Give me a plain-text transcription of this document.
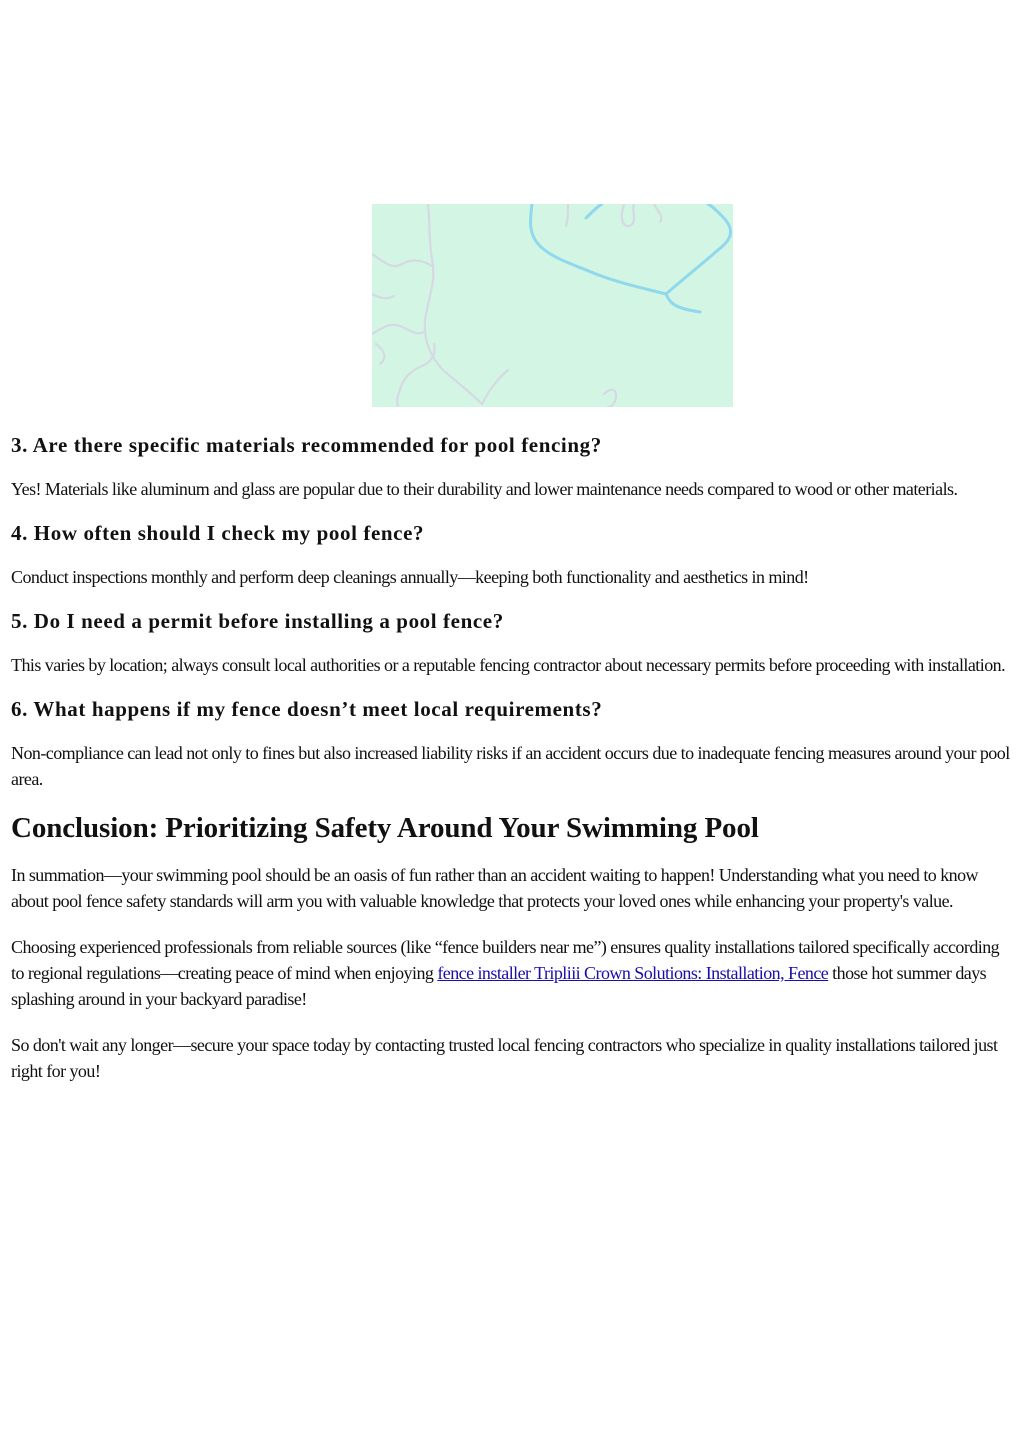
3. Are there specific materials recommended for pool fencing?

Yes! Materials like aluminum and glass are popular due to their durability and lower maintenance needs compared to wood or other materials.

4. How often should I check my pool fence?

Conduct inspections monthly and perform deep cleanings annually—keeping both functionality and aesthetics in mind!

5. Do I need a permit before installing a pool fence?

This varies by location; always consult local authorities or a reputable fencing contractor about necessary permits before proceeding with installation.

6. What happens if my fence doesn’t meet local requirements?

Non-compliance can lead not only to fines but also increased liability risks if an accident occurs due to inadequate fencing measures around your pool area.

Conclusion: Prioritizing Safety Around Your Swimming Pool

In summation—your swimming pool should be an oasis of fun rather than an accident waiting to happen! Understanding what you need to know about pool fence safety standards will arm you with valuable knowledge that protects your loved ones while enhancing your property's value.

Choosing experienced professionals from reliable sources (like “fence builders near me”) ensures quality installations tailored specifically according to regional regulations—creating peace of mind when enjoying fence installer Tripliii Crown Solutions: Installation, Fence those hot summer days splashing around in your backyard paradise!

So don't wait any longer—secure your space today by contacting trusted local fencing contractors who specialize in quality installations tailored just right for you!
